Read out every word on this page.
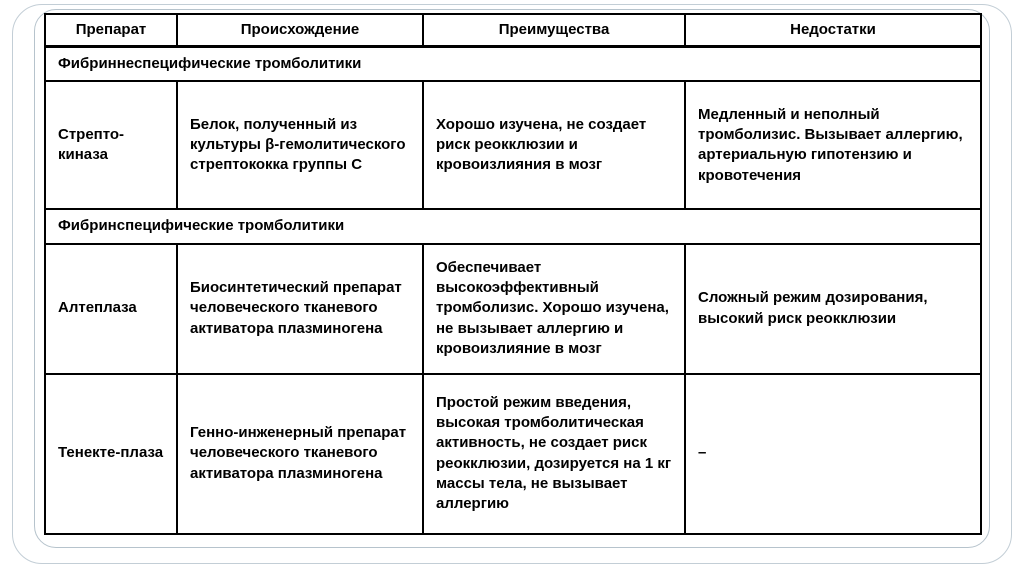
Препарат	Происхождение	Преимущества	Недостатки
Фибриннеспецифические тромболитики			
Стрепто-киназа	Белок, полученный из культуры β-гемолитического стрептококка группы С	Хорошо изучена, не создает риск реокклюзии и кровоизлияния в мозг	Медленный и неполный тромболизис. Вызывает аллергию, артериальную гипотензию и кровотечения
Фибринспецифические тромболитики			
Алтеплаза	Биосинтетический препарат человеческого тканевого активатора плазминогена	Обеспечивает высокоэффективный тромболизис. Хорошо изучена, не вызывает аллергию и кровоизлияние в мозг	Сложный режим дозирования, высокий риск реокклюзии
Тенекте-плаза	Генно-инженерный препарат человеческого тканевого активатора плазминогена	Простой режим введения, высокая тромболитическая активность, не создает риск реокклюзии, дозируется на 1 кг массы тела, не вызывает аллергию	–
